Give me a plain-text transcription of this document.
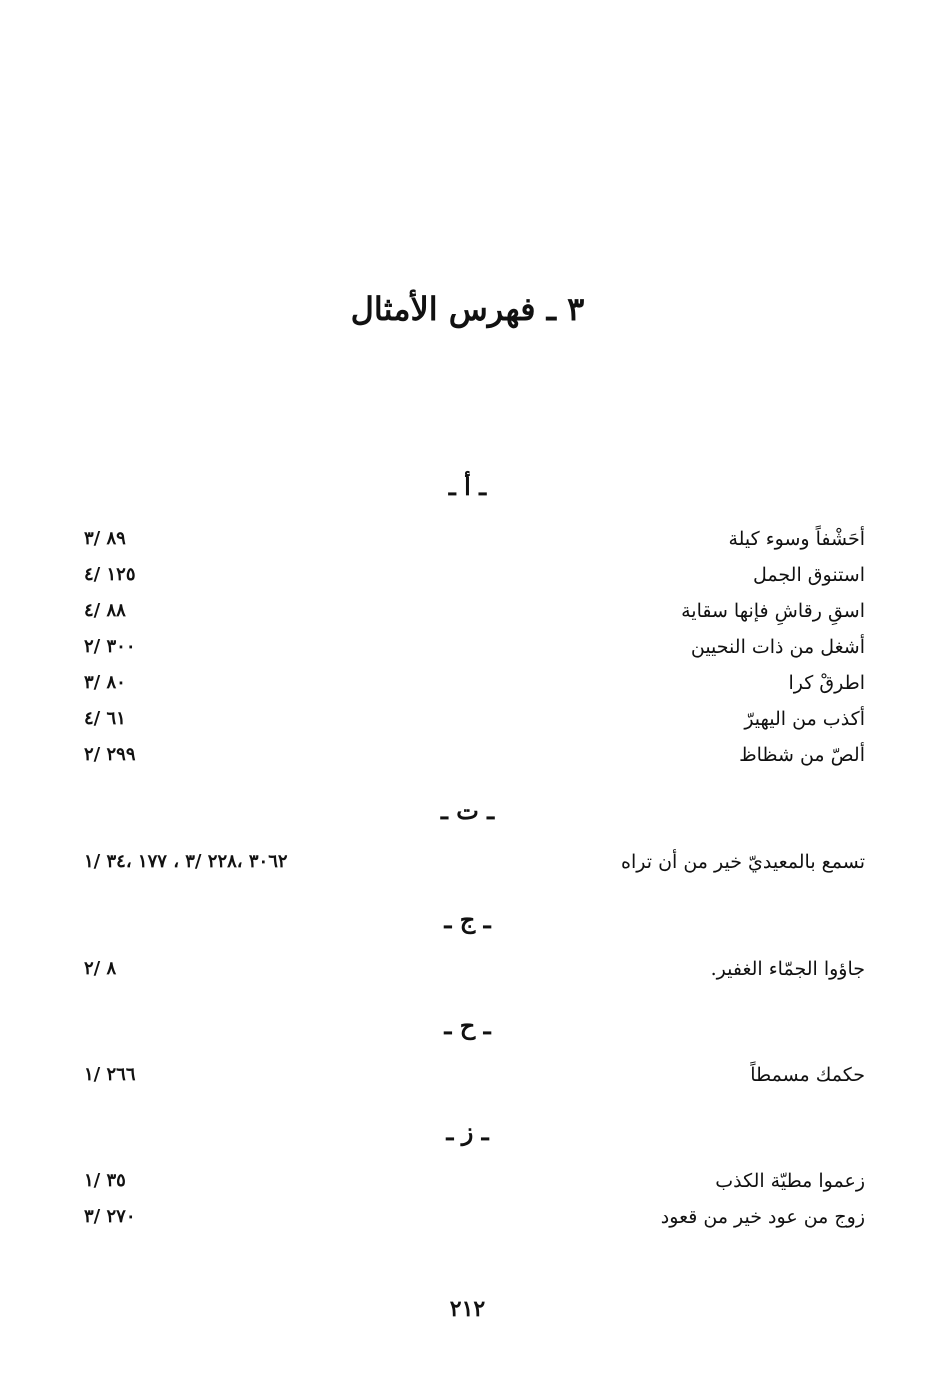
٣ ـ فهرس الأمثال
ـ أ ـ
أحَشْفاً وسوء كيلة
٣/ ٨٩
استنوق الجمل
٤/ ١٢٥
اسقِ رقاشِ فإنها سقاية
٤/ ٨٨
أشغل من ذات النحيين
٢/ ٣٠٠
اطرقْ كرا
٣/ ٨٠
أكذب من اليهيرّ
٤/ ٦١
ألصّ من شظاظ
٢/ ٢٩٩
ـ ت ـ
تسمع بالمعيديّ خير من أن تراه
١/ ٣٤، ١٧٧ ، ٣/ ٢٢٨، ٣٠٦٢
ـ ج ـ
جاؤوا الجمّاء الغفير.
٢/ ٨
ـ ح ـ
حكمك مسمطاً
١/ ٢٦٦
ـ ز ـ
زعموا مطيّة الكذب
١/ ٣٥
زوج من عود خير من قعود
٣/ ٢٧٠
٢١٢
